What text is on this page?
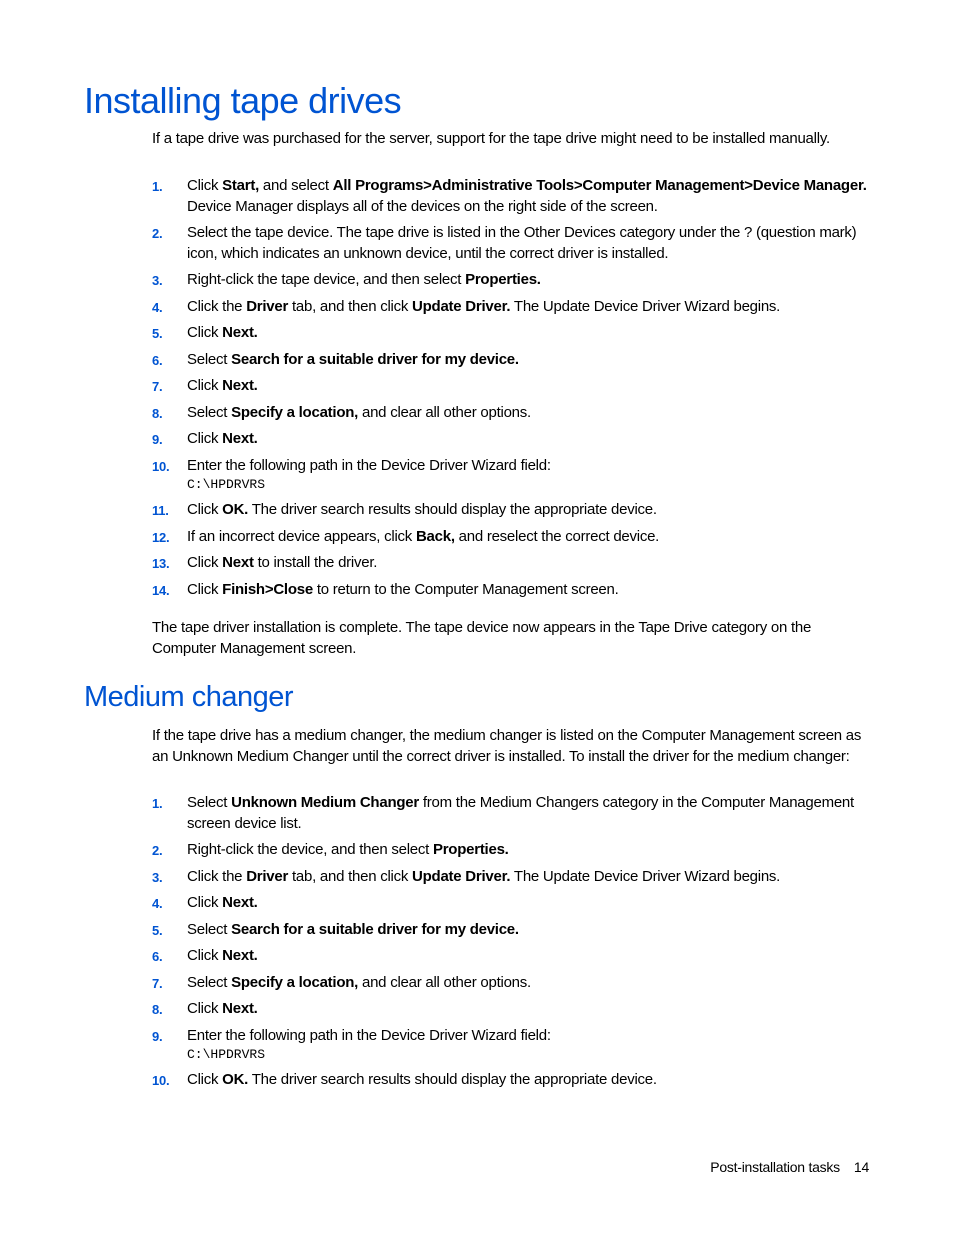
Installing tape drives

If a tape drive was purchased for the server, support for the tape drive might need to be installed manually.

1.	Click Start, and select All Programs>Administrative Tools>Computer Management>Device Manager. Device Manager displays all of the devices on the right side of the screen.
2.	Select the tape device. The tape drive is listed in the Other Devices category under the ? (question mark) icon, which indicates an unknown device, until the correct driver is installed.
3.	Right-click the tape device, and then select Properties.
4.	Click the Driver tab, and then click Update Driver. The Update Device Driver Wizard begins.
5.	Click Next.
6.	Select Search for a suitable driver for my device.
7.	Click Next.
8.	Select Specify a location, and clear all other options.
9.	Click Next.
10.	Enter the following path in the Device Driver Wizard field:
C:\HPDRVRS
11.	Click OK. The driver search results should display the appropriate device.
12.	If an incorrect device appears, click Back, and reselect the correct device.
13.	Click Next to install the driver.
14.	Click Finish>Close to return to the Computer Management screen.

The tape driver installation is complete. The tape device now appears in the Tape Drive category on the Computer Management screen.

Medium changer

If the tape drive has a medium changer, the medium changer is listed on the Computer Management screen as an Unknown Medium Changer until the correct driver is installed. To install the driver for the medium changer:

1.	Select Unknown Medium Changer from the Medium Changers category in the Computer Management screen device list.
2.	Right-click the device, and then select Properties.
3.	Click the Driver tab, and then click Update Driver. The Update Device Driver Wizard begins.
4.	Click Next.
5.	Select Search for a suitable driver for my device.
6.	Click Next.
7.	Select Specify a location, and clear all other options.
8.	Click Next.
9.	Enter the following path in the Device Driver Wizard field:
C:\HPDRVRS
10.	Click OK. The driver search results should display the appropriate device.
Post-installation tasks 14
